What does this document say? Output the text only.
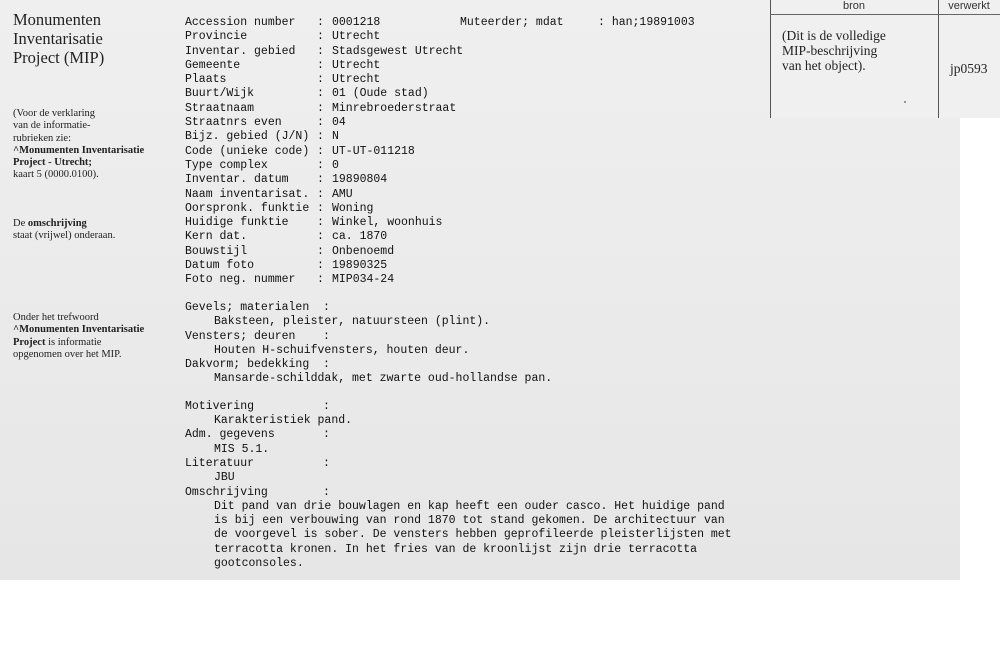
bron	verwerkt
(Dit is de volledige
MIP-beschrijving
van het object).	jp0593
Monumenten
Inventarisatie
Project (MIP)
(Voor de verklaring
van de informatie-
rubrieken zie:
^Monumenten Inventarisatie
Project - Utrecht;
kaart 5 (0000.0100).
De omschrijving
staat (vrijwel) onderaan.
Onder het trefwoord
^Monumenten Inventarisatie
Project is informatie
opgenomen over het MIP.
Accession number	: 0001218
Provincie	: Utrecht
Inventar. gebied	: Stadsgewest Utrecht
Gemeente	: Utrecht
Plaats	: Utrecht
Buurt/Wijk	: 01 (Oude stad)
Straatnaam	: Minrebroederstraat
Straatnrs even	: 04
Bijz. gebied (J/N) : N
Code (unieke code) : UT-UT-011218
Type complex	: 0
Inventar. datum	: 19890804
Naam inventarisat. : AMU
Oorspronk. funktie : Woning
Huidige funktie	: Winkel, woonhuis
Kern dat.	: ca. 1870
Bouwstijl	: Onbenoemd
Datum foto	: 19890325
Foto neg. nummer	: MIP034-24
Muteerder; mdat	: han;19891003
Gevels; materialen	:
Baksteen, pleister, natuursteen (plint).
Vensters; deuren	:
Houten H-schuifvensters, houten deur.
Dakvorm; bedekking	:
Mansarde-schilddak, met zwarte oud-hollandse pan.
Motivering	:
Karakteristiek pand.
Adm. gegevens	:
MIS 5.1.
Literatuur	:
JBU
Omschrijving	:
Dit pand van drie bouwlagen en kap heeft een ouder casco. Het huidige pand
is bij een verbouwing van rond 1870 tot stand gekomen. De architectuur van
de voorgevel is sober. De vensters hebben geprofileerde pleisterlijsten met
terracotta kronen. In het fries van de kroonlijst zijn drie terracotta
gootconsoles.
